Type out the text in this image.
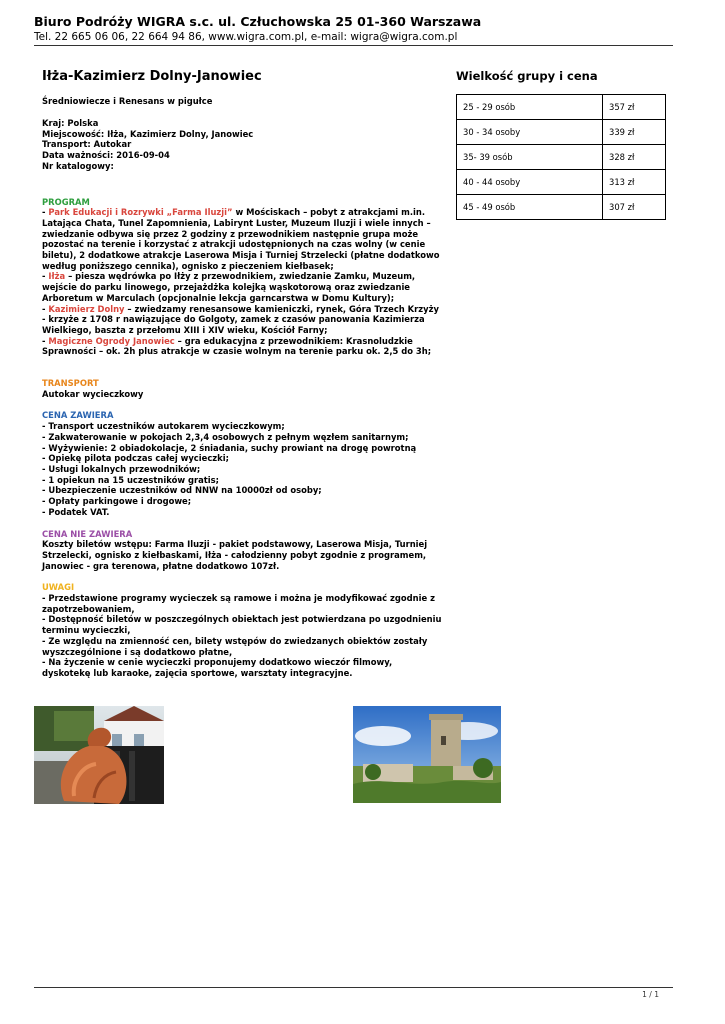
Biuro Podróży WIGRA s.c. ul. Człuchowska 25 01-360 Warszawa
Tel. 22 665 06 06, 22 664 94 86, www.wigra.com.pl, e-mail: wigra@wigra.com.pl
Iłża-Kazimierz Dolny-Janowiec
Średniowiecze i Renesans w pigułce
Kraj: Polska
Miejscowość: Iłża, Kazimierz Dolny, Janowiec
Transport: Autokar
Data ważności: 2016-09-04
Nr katalogowy:
PROGRAM
- Park Edukacji i Rozrywki „Farma Iluzji” w Mościskach – pobyt z atrakcjami m.in. Latająca Chata, Tunel Zapomnienia, Labirynt Luster, Muzeum Iluzji i wiele innych – zwiedzanie odbywa się przez 2 godziny z przewodnikiem następnie grupa może pozostać na terenie i korzystać z atrakcji udostępnionych na czas wolny (w cenie biletu), 2 dodatkowe atrakcje Laserowa Misja i Turniej Strzelecki (płatne dodatkowo według poniższego cennika), ognisko z pieczeniem kiełbasek;
- Iłża – piesza wędrówka po Iłży z przewodnikiem, zwiedzanie Zamku, Muzeum, wejście do parku linowego, przejażdżka kolejką wąskotorową oraz zwiedzanie Arboretum w Marculach (opcjonalnie lekcja garncarstwa w Domu Kultury);
- Kazimierz Dolny – zwiedzamy renesansowe kamieniczki, rynek, Góra Trzech Krzyży - krzyże z 1708 r nawiązujące do Golgoty, zamek z czasów panowania Kazimierza Wielkiego, baszta z przełomu XIII i XIV wieku, Kościół Farny;
- Magiczne Ogrody Janowiec – gra edukacyjna z przewodnikiem: Krasnoludzkie Sprawności – ok. 2h plus atrakcje w czasie wolnym na terenie parku ok. 2,5 do 3h;
TRANSPORT
Autokar wycieczkowy
CENA ZAWIERA
- Transport uczestników autokarem wycieczkowym;
- Zakwaterowanie w pokojach 2,3,4 osobowych z pełnym węzłem sanitarnym;
- Wyżywienie: 2 obiadokolacje, 2 śniadania, suchy prowiant na drogę powrotną
- Opiekę pilota podczas całej wycieczki;
- Usługi lokalnych przewodników;
- 1 opiekun na 15 uczestników gratis;
- Ubezpieczenie uczestników od NNW na 10000zł od osoby;
- Opłaty parkingowe i drogowe;
- Podatek VAT.
CENA NIE ZAWIERA
Koszty biletów wstępu: Farma Iluzji - pakiet podstawowy, Laserowa Misja, Turniej Strzelecki, ognisko z kiełbaskami, Iłża - całodzienny pobyt zgodnie z programem, Janowiec - gra terenowa, płatne dodatkowo 107zł.
UWAGI
- Przedstawione programy wycieczek są ramowe i można je modyfikować zgodnie z zapotrzebowaniem,
- Dostępność biletów w poszczególnych obiektach jest potwierdzana po uzgodnieniu terminu wycieczki,
- Ze względu na zmienność cen, bilety wstępów do zwiedzanych obiektów zostały wyszczególnione i są dodatkowo płatne,
- Na życzenie w cenie wycieczki proponujemy dodatkowo wieczór filmowy, dyskotekę lub karaoke, zajęcia sportowe, warsztaty integracyjne.
Wielkość grupy i cena
25 - 29 osób	357 zł
30 - 34 osoby	339 zł
35- 39 osób	328 zł
40 - 44 osoby	313 zł
45 - 49 osób	307 zł
1 / 1
